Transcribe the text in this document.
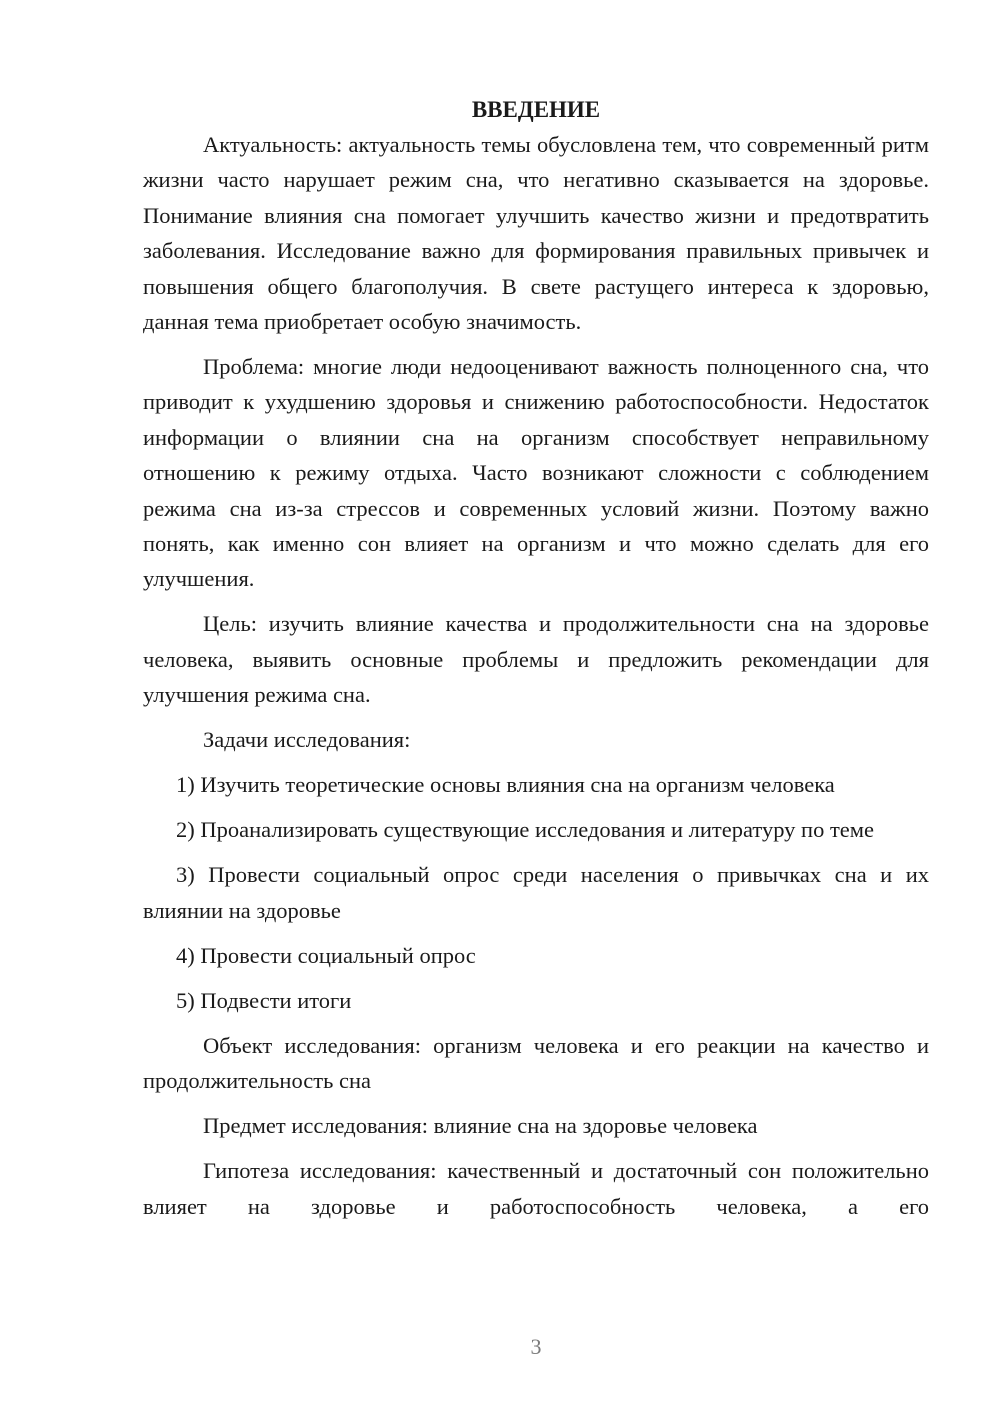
ВВЕДЕНИЕ

Актуальность: актуальность темы обусловлена тем, что современный ритм жизни часто нарушает режим сна, что негативно сказывается на здоровье. Понимание влияния сна помогает улучшить качество жизни и предотвратить заболевания. Исследование важно для формирования правильных привычек и повышения общего благополучия. В свете растущего интереса к здоровью, данная тема приобретает особую значимость.

Проблема: многие люди недооценивают важность полноценного сна, что приводит к ухудшению здоровья и снижению работоспособности. Недостаток информации о влиянии сна на организм способствует неправильному отношению к режиму отдыха. Часто возникают сложности с соблюдением режима сна из-за стрессов и современных условий жизни. Поэтому важно понять, как именно сон влияет на организм и что можно сделать для его улучшения.

Цель: изучить влияние качества и продолжительности сна на здоровье человека, выявить основные проблемы и предложить рекомендации для улучшения режима сна.

Задачи исследования:

1) Изучить теоретические основы влияния сна на организм человека

2) Проанализировать существующие исследования и литературу по теме

3) Провести социальный опрос среди населения о привычках сна и их влиянии на здоровье

4) Провести социальный опрос

5) Подвести итоги

Объект исследования: организм человека и его реакции на качество и продолжительность сна

Предмет исследования: влияние сна на здоровье человека

Гипотеза исследования: качественный и достаточный сон положительно влияет на здоровье и работоспособность человека, а его

3
